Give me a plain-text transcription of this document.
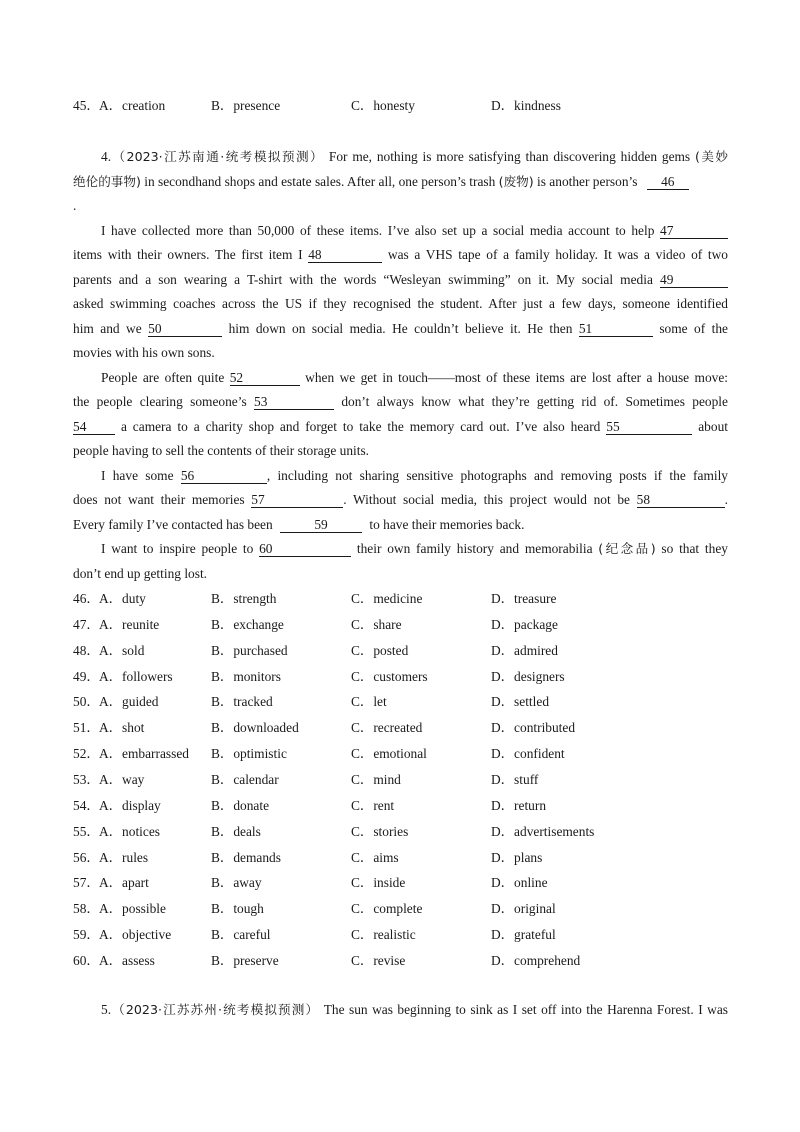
45． A．creation	B．presence	C．honesty	D．kindness
4.（2023·江苏南通·统考模拟预测） For me, nothing is more satisfying than discovering hidden gems (美妙
绝伦的事物) in secondhand shops and estate sales. After all, one person’s trash (废物) is another person’s 46
.
I have collected more than 50,000 of these items. I’ve also set up a social media account to help 47
items with their owners. The first item I 48	was a VHS tape of a family holiday. It was a video of two
parents and a son wearing a T-shirt with the words “Wesleyan swimming” on it. My social media 49
asked swimming coaches across the US if they recognised the student. After just a few days, someone identified
him and we 50	him down on social media. He couldn’t believe it. He then 51	some of the
movies with his own sons.
People are often quite 52	when we get in touch——most of these items are lost after a house move:
the people clearing someone’s 53	don’t always know what they’re getting rid of. Sometimes people
54	a camera to a charity shop and forget to take the memory card out. I’ve also heard 55	about
people having to sell the contents of their storage units.
I have some 56	, including not sharing sensitive photographs and removing posts if the family
does not want their memories 57	. Without social media, this project would not be 58	.
Every family I’ve contacted has been	59	to have their memories back.
I want to inspire people to 60	their own family history and memorabilia (纪念品) so that they
don’t end up getting lost.
46． A．duty	B．strength	C．medicine	D．treasure
47． A．reunite	B．exchange	C．share	D．package
48． A．sold	B．purchased	C．posted	D．admired
49． A．followers	B．monitors	C．customers	D．designers
50． A．guided	B．tracked	C．let	D．settled
51． A．shot	B．downloaded	C．recreated	D．contributed
52． A．embarrassed B．optimistic	C．emotional	D．confident
53． A．way	B．calendar	C．mind	D．stuff
54． A．display	B．donate	C．rent	D．return
55． A．notices	B．deals	C．stories	D．advertisements
56． A．rules	B．demands	C．aims	D．plans
57． A．apart	B．away	C．inside	D．online
58． A．possible	B．tough	C．complete	D．original
59． A．objective	B．careful	C．realistic	D．grateful
60． A．assess	B．preserve	C．revise	D．comprehend
5.（2023·江苏苏州·统考模拟预测） The sun was beginning to sink as I set off into the Harenna Forest. I was
